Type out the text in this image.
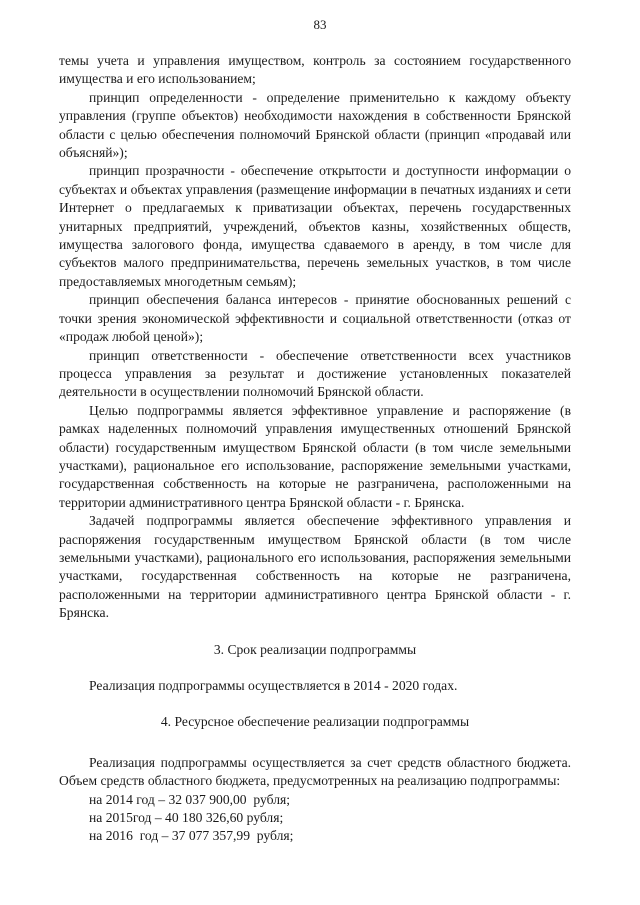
83

темы учета и управления имуществом, контроль за состоянием государственного имущества и его использованием;

принцип определенности - определение применительно к каждому объекту управления (группе объектов) необходимости нахождения в собственности Брянской области с целью обеспечения полномочий Брянской области (принцип «продавай или объясняй»);

принцип прозрачности - обеспечение открытости и доступности информации о субъектах и объектах управления (размещение информации в печатных изданиях и сети Интернет о предлагаемых к приватизации объектах, перечень государственных унитарных предприятий, учреждений, объектов казны, хозяйственных обществ, имущества залогового фонда, имущества сдаваемого в аренду, в том числе для субъектов малого предпринимательства, перечень земельных участков, в том числе предоставляемых многодетным семьям);

принцип обеспечения баланса интересов - принятие обоснованных решений с точки зрения экономической эффективности и социальной ответственности (отказ от «продаж любой ценой»);

принцип ответственности - обеспечение ответственности всех участников процесса управления за результат и достижение установленных показателей деятельности в осуществлении полномочий Брянской области.

Целью подпрограммы является эффективное управление и распоряжение (в рамках наделенных полномочий управления имущественных отношений Брянской области) государственным имуществом Брянской области (в том числе земельными участками), рациональное его использование, распоряжение земельными участками, государственная собственность на которые не разграничена, расположенными на территории административного центра Брянской области - г. Брянска.

Задачей подпрограммы является обеспечение эффективного управления и распоряжения государственным имуществом Брянской области (в том числе земельными участками), рационального его использования, распоряжения земельными участками, государственная собственность на которые не разграничена, расположенными на территории административного центра Брянской области - г. Брянска.

3. Срок реализации подпрограммы

Реализация подпрограммы осуществляется в 2014 - 2020 годах.

4. Ресурсное обеспечение реализации подпрограммы

Реализация подпрограммы осуществляется за счет средств областного бюджета. Объем средств областного бюджета, предусмотренных на реализацию подпрограммы:

на 2014 год – 32 037 900,00  рубля;

на 2015год – 40 180 326,60 рубля;

на 2016  год – 37 077 357,99  рубля;
